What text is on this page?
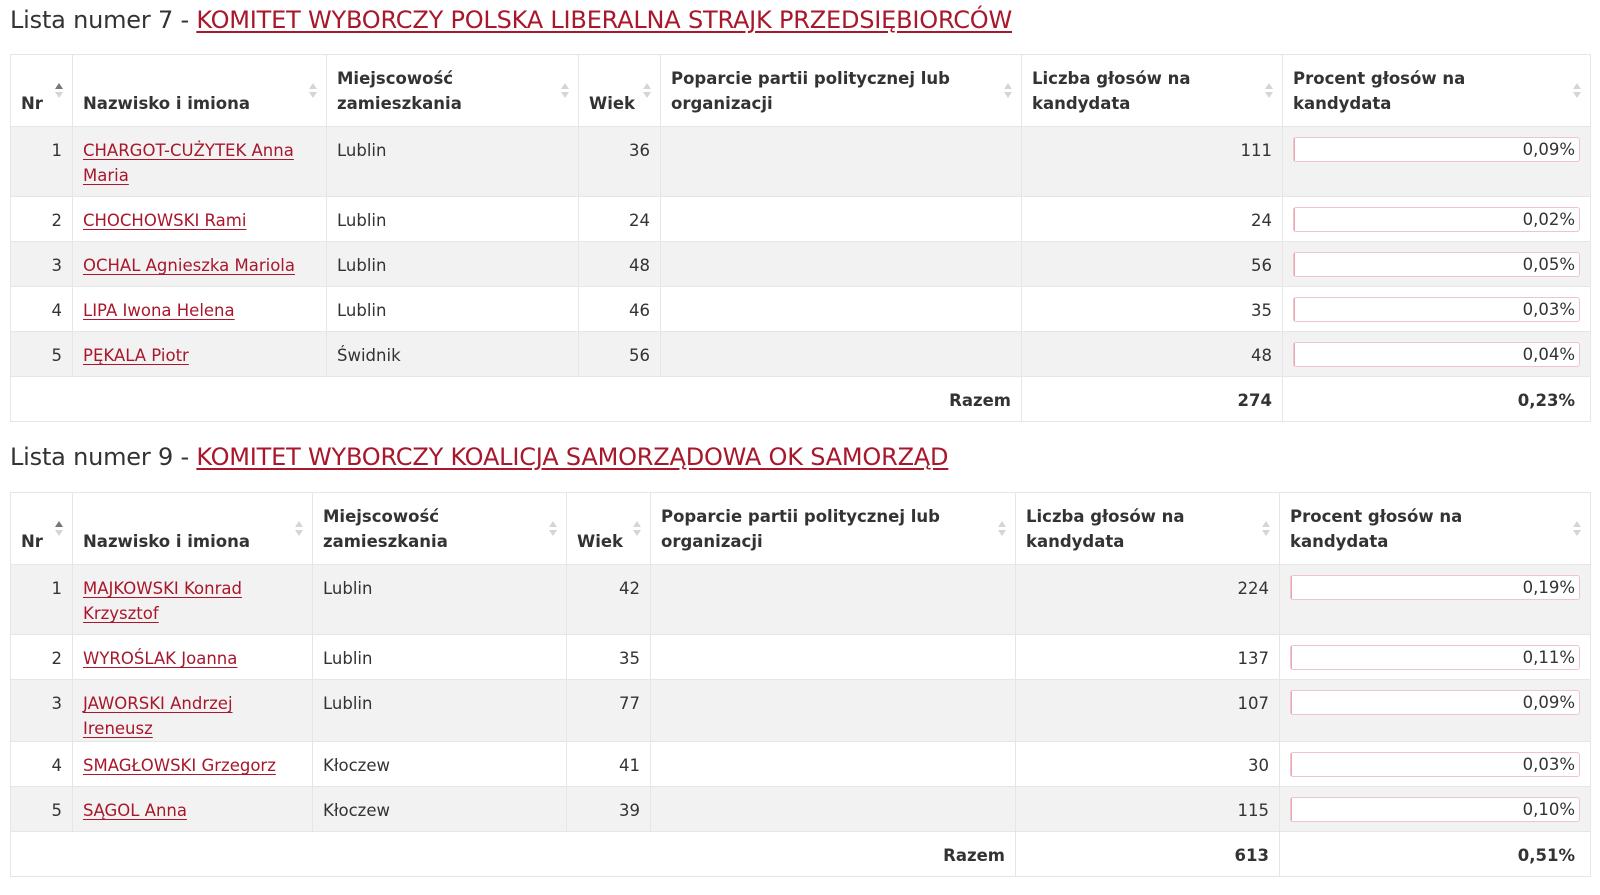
Lista numer 7 - KOMITET WYBORCZY POLSKA LIBERALNA STRAJK PRZEDSIĘBIORCÓW
Nr	Nazwisko i imiona	Miejscowość zamieszkania	Wiek	Poparcie partii politycznej lub organizacji	Liczba głosów na kandydata	Procent głosów na kandydata

1	CHARGOT-CUŻYTEK Anna Maria	Lublin	36		111	0,09%

2	CHOCHOWSKI Rami	Lublin	24		24	0,02%

3	OCHAL Agnieszka Mariola	Lublin	48		56	0,05%

4	LIPA Iwona Helena	Lublin	46		35	0,03%

5	PĘKALA Piotr	Świdnik	56		48	0,04%

Razem					274	0,23%
Lista numer 9 - KOMITET WYBORCZY KOALICJA SAMORZĄDOWA OK SAMORZĄD
Nr	Nazwisko i imiona	Miejscowość zamieszkania	Wiek	Poparcie partii politycznej lub organizacji	Liczba głosów na kandydata	Procent głosów na kandydata

1	MAJKOWSKI Konrad Krzysztof	Lublin	42		224	0,19%

2	WYROŚLAK Joanna	Lublin	35		137	0,11%

3	JAWORSKI Andrzej Ireneusz	Lublin	77		107	0,09%

4	SMAGŁOWSKI Grzegorz	Kłoczew	41		30	0,03%

5	SĄGOL Anna	Kłoczew	39		115	0,10%

Razem					613	0,51%
